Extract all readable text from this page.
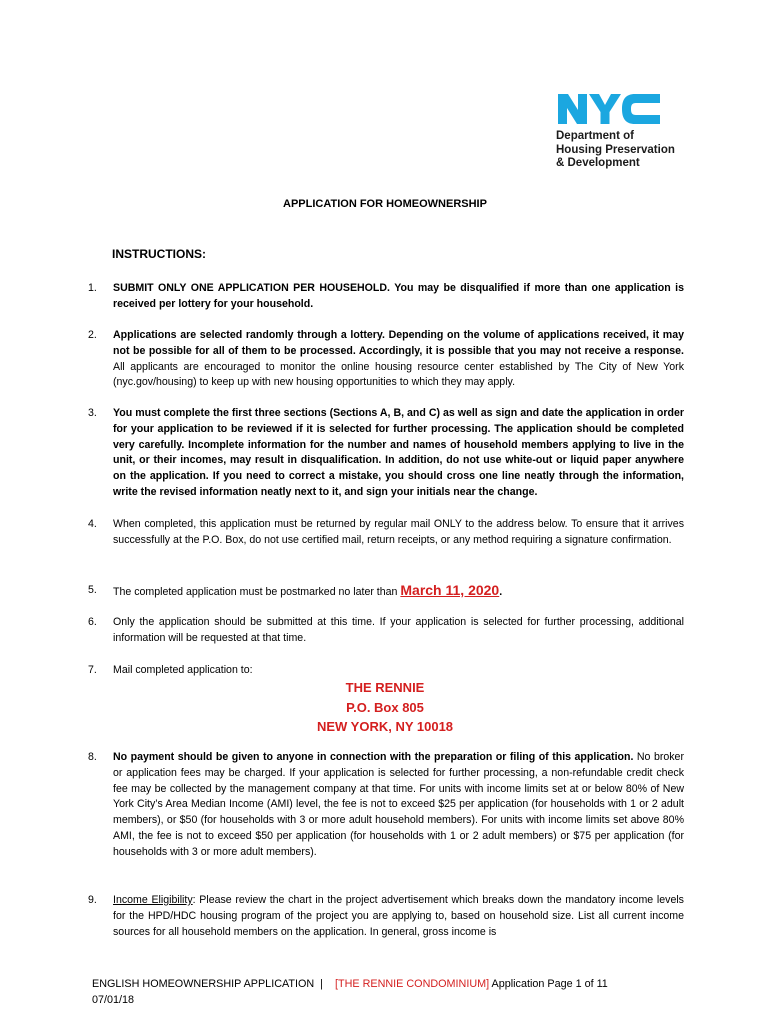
Department of
Housing Preservation
& Development
APPLICATION FOR HOMEOWNERSHIP
INSTRUCTIONS:
1.	SUBMIT ONLY ONE APPLICATION PER HOUSEHOLD. You may be disqualified if more than one application is received per lottery for your household.
2.	Applications are selected randomly through a lottery. Depending on the volume of applications received, it may not be possible for all of them to be processed. Accordingly, it is possible that you may not receive a response. All applicants are encouraged to monitor the online housing resource center established by The City of New York (nyc.gov/housing) to keep up with new housing opportunities to which they may apply.
3.	You must complete the first three sections (Sections A, B, and C) as well as sign and date the application in order for your application to be reviewed if it is selected for further processing. The application should be completed very carefully. Incomplete information for the number and names of household members applying to live in the unit, or their incomes, may result in disqualification. In addition, do not use white-out or liquid paper anywhere on the application. If you need to correct a mistake, you should cross one line neatly through the information, write the revised information neatly next to it, and sign your initials near the change.
4.	When completed, this application must be returned by regular mail ONLY to the address below. To ensure that it arrives successfully at the P.O. Box, do not use certified mail, return receipts, or any method requiring a signature confirmation.
5.	The completed application must be postmarked no later than March 11, 2020.
6.	Only the application should be submitted at this time. If your application is selected for further processing, additional information will be requested at that time.
7.	Mail completed application to:
THE RENNIE
P.O. Box 805
NEW YORK, NY 10018
8.	No payment should be given to anyone in connection with the preparation or filing of this application. No broker or application fees may be charged. If your application is selected for further processing, a non-refundable credit check fee may be collected by the management company at that time. For units with income limits set at or below 80% of New York City’s Area Median Income (AMI) level, the fee is not to exceed $25 per application (for households with 1 or 2 adult members), or $50 (for households with 3 or more adult household members). For units with income limits set above 80% AMI, the fee is not to exceed $50 per application (for households with 1 or 2 adult members) or $75 per application (for households with 3 or more adult members).
9.	Income Eligibility: Please review the chart in the project advertisement which breaks down the mandatory income levels for the HPD/HDC housing program of the project you are applying to, based on household size. List all current income sources for all household members on the application. In general, gross income is
ENGLISH HOMEOWNERSHIP APPLICATION  |    [THE RENNIE CONDOMINIUM] Application Page 1 of 11
07/01/18
